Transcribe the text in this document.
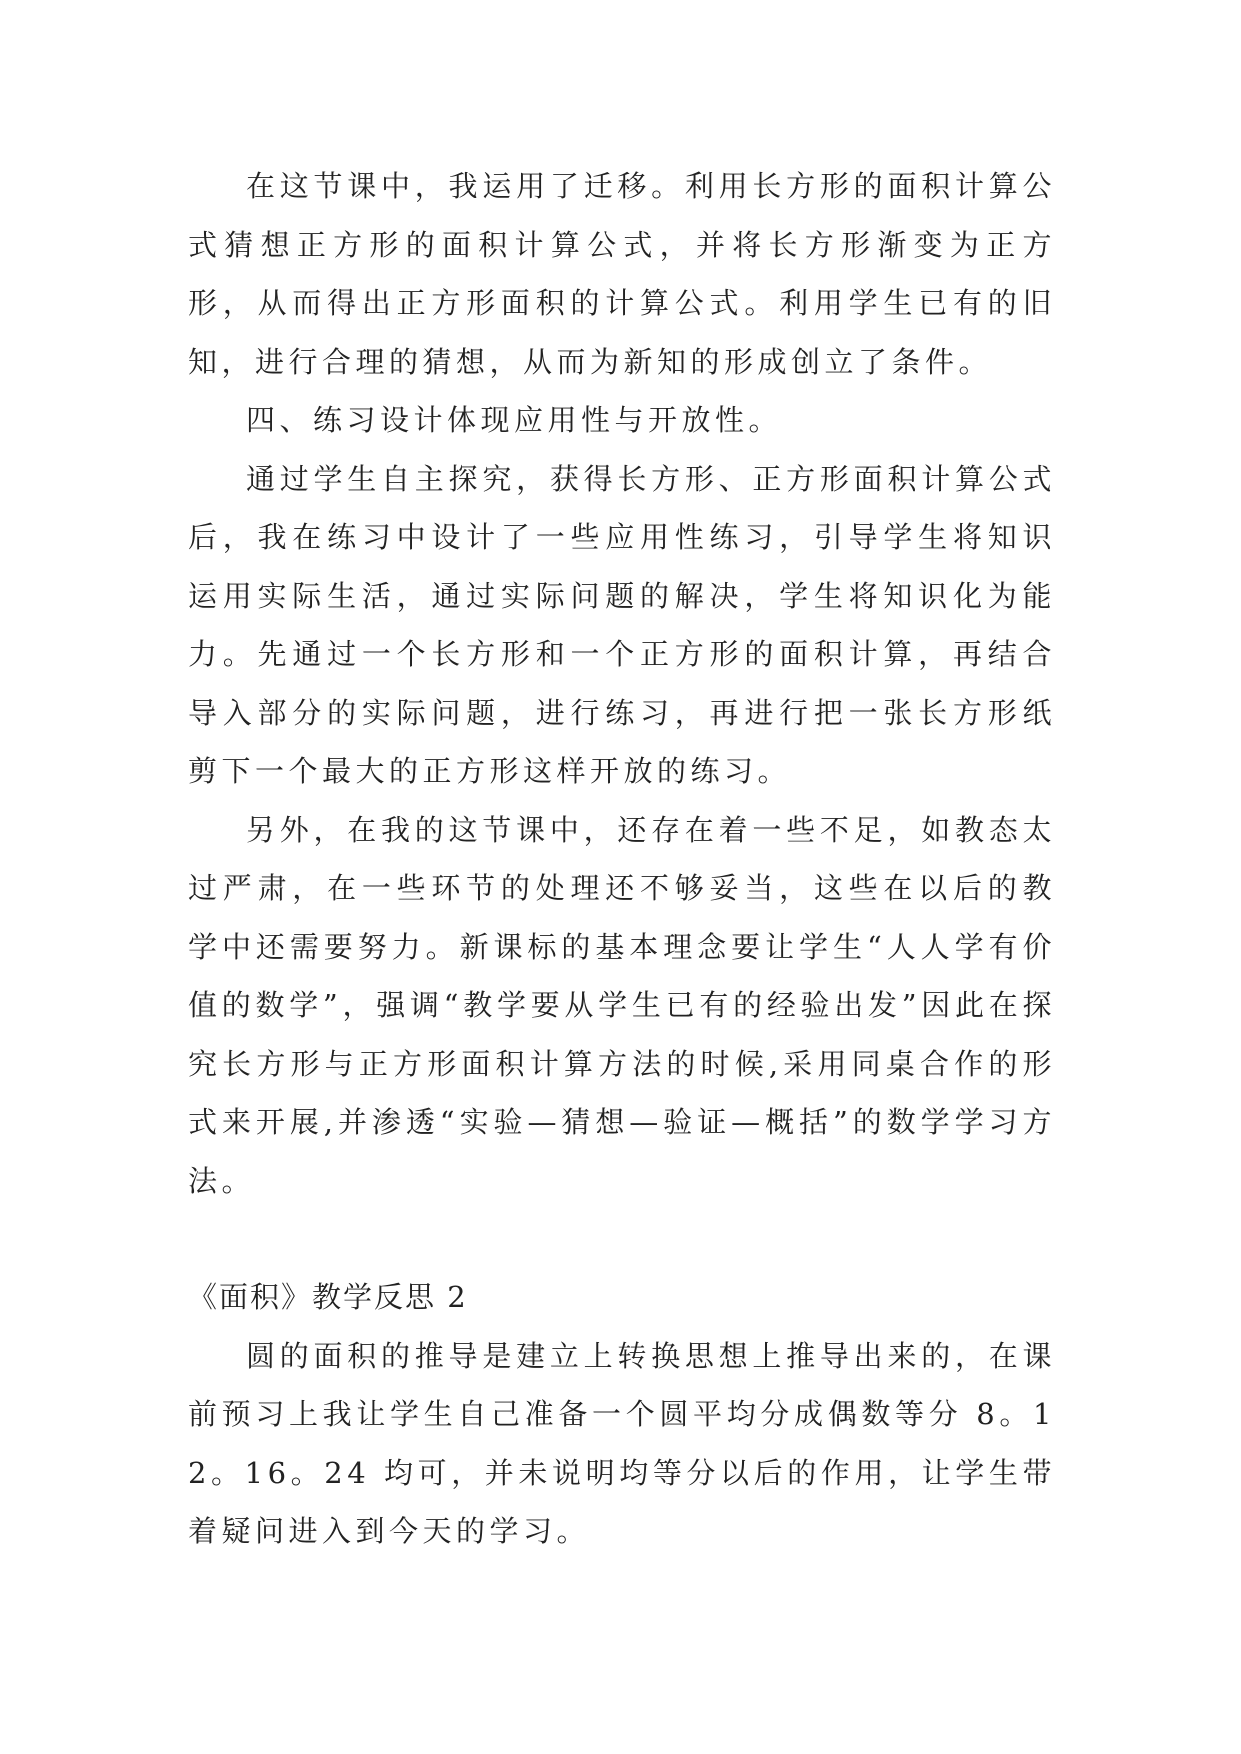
在这节课中，我运用了迁移。利用长方形的面积计算公式猜想正方形的面积计算公式，并将长方形渐变为正方形，从而得出正方形面积的计算公式。利用学生已有的旧知，进行合理的猜想，从而为新知的形成创立了条件。

四、练习设计体现应用性与开放性。

通过学生自主探究，获得长方形、正方形面积计算公式后，我在练习中设计了一些应用性练习，引导学生将知识运用实际生活，通过实际问题的解决，学生将知识化为能力。先通过一个长方形和一个正方形的面积计算，再结合导入部分的实际问题，进行练习，再进行把一张长方形纸剪下一个最大的正方形这样开放的练习。

另外，在我的这节课中，还存在着一些不足，如教态太过严肃，在一些环节的处理还不够妥当，这些在以后的教学中还需要努力。新课标的基本理念要让学生“人人学有价值的数学”，强调“教学要从学生已有的经验出发”因此在探究长方形与正方形面积计算方法的时候,采用同桌合作的形式来开展,并渗透“实验—猜想—验证—概括”的数学学习方法。

《面积》教学反思 2

圆的面积的推导是建立上转换思想上推导出来的，在课前预习上我让学生自己准备一个圆平均分成偶数等分 8。12。16。24 均可，并未说明均等分以后的作用，让学生带着疑问进入到今天的学习。
